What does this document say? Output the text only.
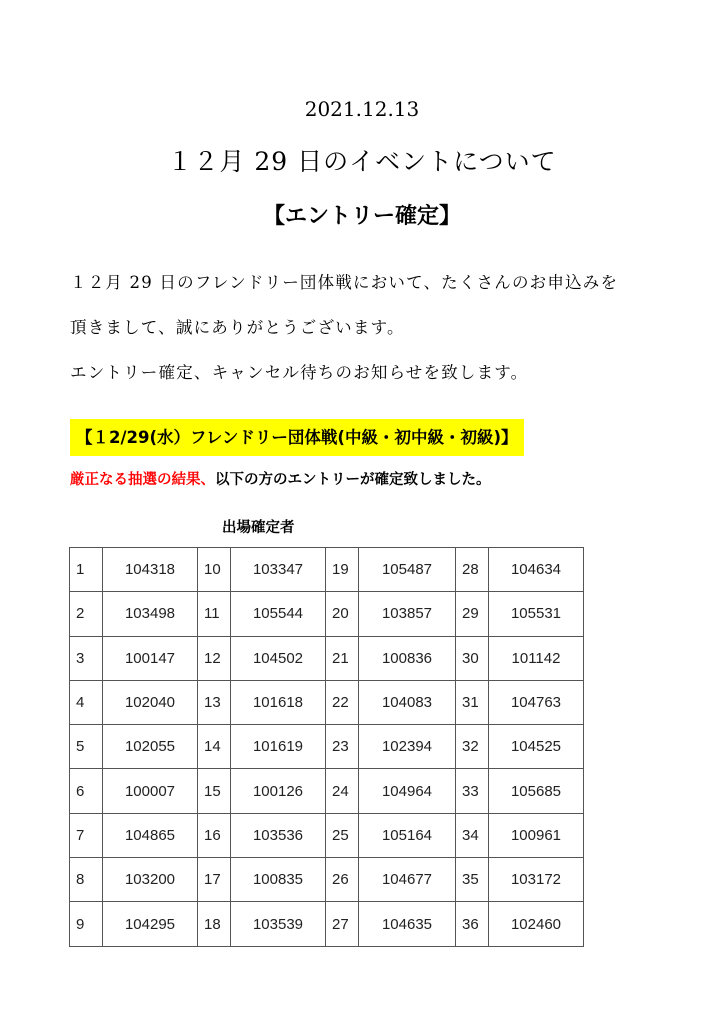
2021.12.13
１２月 29 日のイベントについて
【エントリー確定】
１２月 29 日のフレンドリー団体戦において、たくさんのお申込みを
頂きまして、誠にありがとうございます。
エントリー確定、キャンセル待ちのお知らせを致します。
【１2/29(水）フレンドリー団体戦(中級・初中級・初級)】
厳正なる抽選の結果、以下の方のエントリーが確定致しました。
出場確定者
1	104318	10	103347	19	105487	28	104634
2	103498	11	105544	20	103857	29	105531
3	100147	12	104502	21	100836	30	101142
4	102040	13	101618	22	104083	31	104763
5	102055	14	101619	23	102394	32	104525
6	100007	15	100126	24	104964	33	105685
7	104865	16	103536	25	105164	34	100961
8	103200	17	100835	26	104677	35	103172
9	104295	18	103539	27	104635	36	102460
